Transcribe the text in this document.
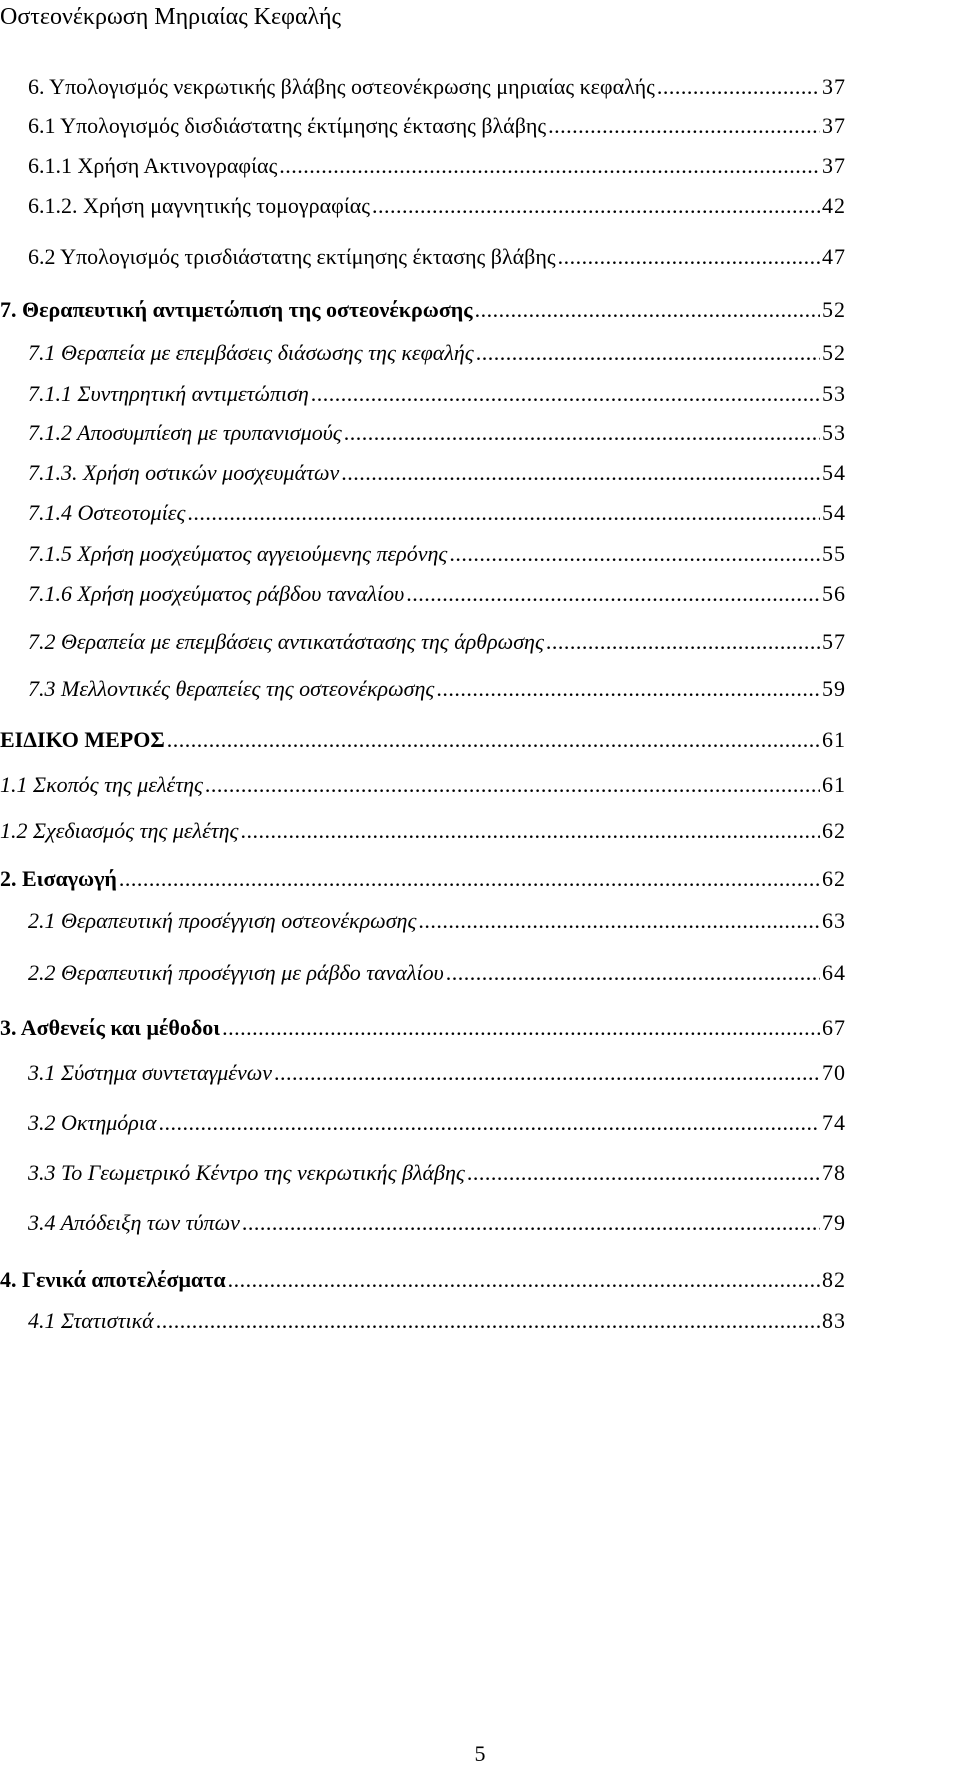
Οστεονέκρωση Μηριαίας Κεφαλής
6. Υπολογισμός νεκρωτικής βλάβης οστεονέκρωσης μηριαίας κεφαλής .....	37
6.1 Υπολογισμός δισδιάστατης έκτίμησης έκτασης βλάβης .....	37
6.1.1 Χρήση Ακτινογραφίας .....	37
6.1.2. Χρήση μαγνητικής τομογραφίας .....	42
6.2 Υπολογισμός τρισδιάστατης εκτίμησης έκτασης βλάβης .....	47
7. Θεραπευτική αντιμετώπιση της οστεονέκρωσης .....	52
7.1 Θεραπεία με επεμβάσεις διάσωσης της κεφαλής .....	52
7.1.1 Συντηρητική αντιμετώπιση .....	53
7.1.2 Αποσυμπίεση με τρυπανισμούς .....	53
7.1.3. Χρήση οστικών μοσχευμάτων .....	54
7.1.4 Οστεοτομίες .....	54
7.1.5 Χρήση μοσχεύματος αγγειούμενης περόνης .....	55
7.1.6 Χρήση μοσχεύματος ράβδου ταναλίου .....	56
7.2 Θεραπεία με επεμβάσεις αντικατάστασης της άρθρωσης .....	57
7.3 Μελλοντικές θεραπείες της οστεονέκρωσης .....	59
ΕΙΔΙΚΟ ΜΕΡΟΣ .....	61
1.1 Σκοπός της μελέτης .....	61
1.2 Σχεδιασμός της μελέτης .....	62
2. Εισαγωγή .....	62
2.1 Θεραπευτική προσέγγιση οστεονέκρωσης .....	63
2.2 Θεραπευτική προσέγγιση με ράβδο ταναλίου .....	64
3. Ασθενείς και μέθοδοι .....	67
3.1 Σύστημα συντεταγμένων .....	70
3.2 Οκτημόρια .....	74
3.3 Το Γεωμετρικό Κέντρο της νεκρωτικής βλάβης .....	78
3.4 Απόδειξη των τύπων .....	79
4. Γενικά αποτελέσματα .....	82
4.1 Στατιστικά .....	83
5
